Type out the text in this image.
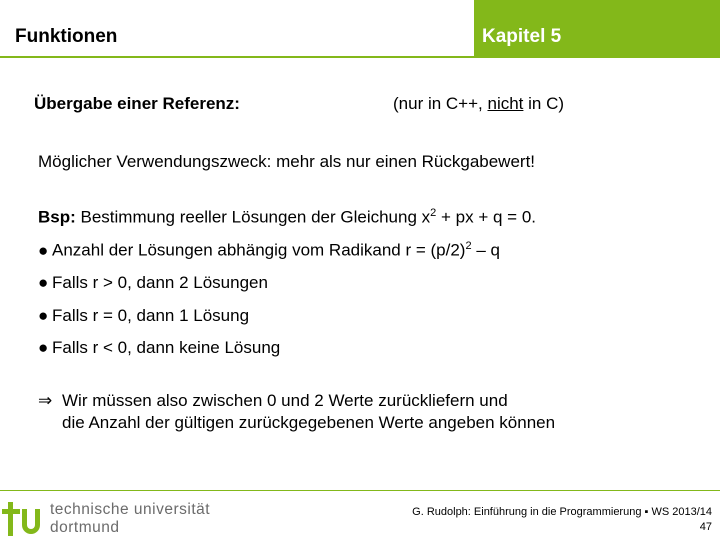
Funktionen	Kapitel 5
Übergabe einer Referenz:	(nur in C++, nicht in C)
Möglicher Verwendungszweck: mehr als nur einen Rückgabewert!
Bsp: Bestimmung reeller Lösungen der Gleichung $x^2$ + px + q = 0.
● Anzahl der Lösungen abhängig vom Radikand $r = (p/2)^2 - q$
● Falls r > 0, dann 2 Lösungen
● Falls r = 0, dann 1 Lösung
● Falls r < 0, dann keine Lösung
⇒ Wir müssen also zwischen 0 und 2 Werte zurückliefern und
die Anzahl der gültigen zurückgegebenen Werte angeben können
technische universität
dortmund
G. Rudolph: Einführung in die Programmierung ▪ WS 2013/14
47
